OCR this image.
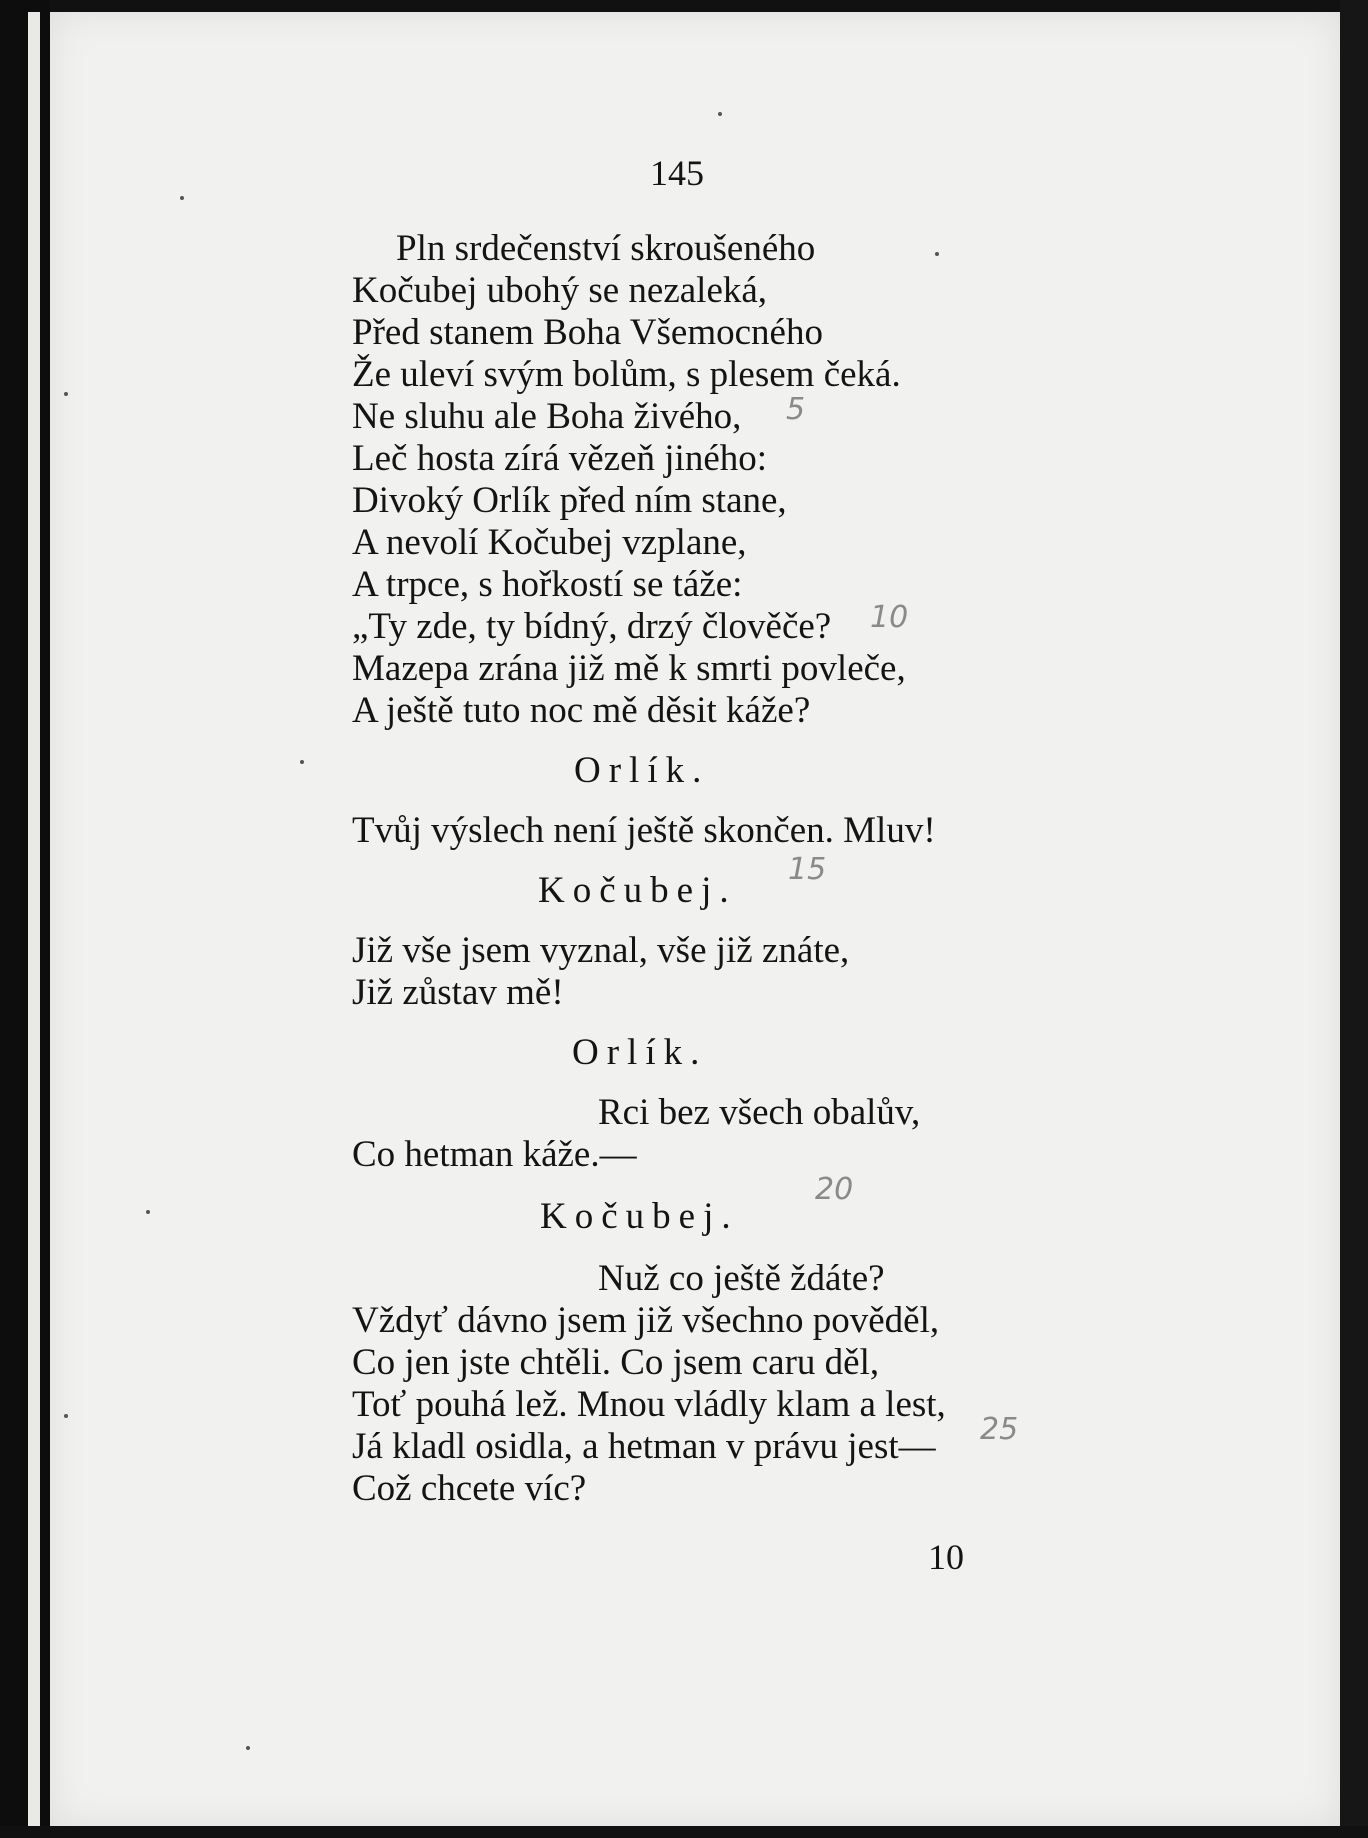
145
Pln srdečenství skroušeného
Kočubej ubohý se nezaleká,
Před stanem Boha Všemocného
Že uleví svým bolům, s plesem čeká.
Ne sluhu ale Boha živého,
Leč hosta zírá vězeň jiného:
Divoký Orlík před ním stane,
A nevolí Kočubej vzplane,
A trpce, s hořkostí se táže:
„Ty zde, ty bídný, drzý člověče?
Mazepa zrána již mě k smrti povleče,
A ještě tuto noc mě děsit káže?
Orlík.
Tvůj výslech není ještě skončen. Mluv!
Kočubej.
Již vše jsem vyznal, vše již znáte,
Již zůstav mě!
Orlík.
Rci bez všech obalův,
Co hetman káže.—
Kočubej.
Nuž co ještě ždáte?
Vždyť dávno jsem již všechno pověděl,
Co jen jste chtěli. Co jsem caru děl,
Toť pouhá lež. Mnou vládly klam a lest,
Já kladl osidla, a hetman v právu jest—
Což chcete víc?
10
10
15
20
25
5
